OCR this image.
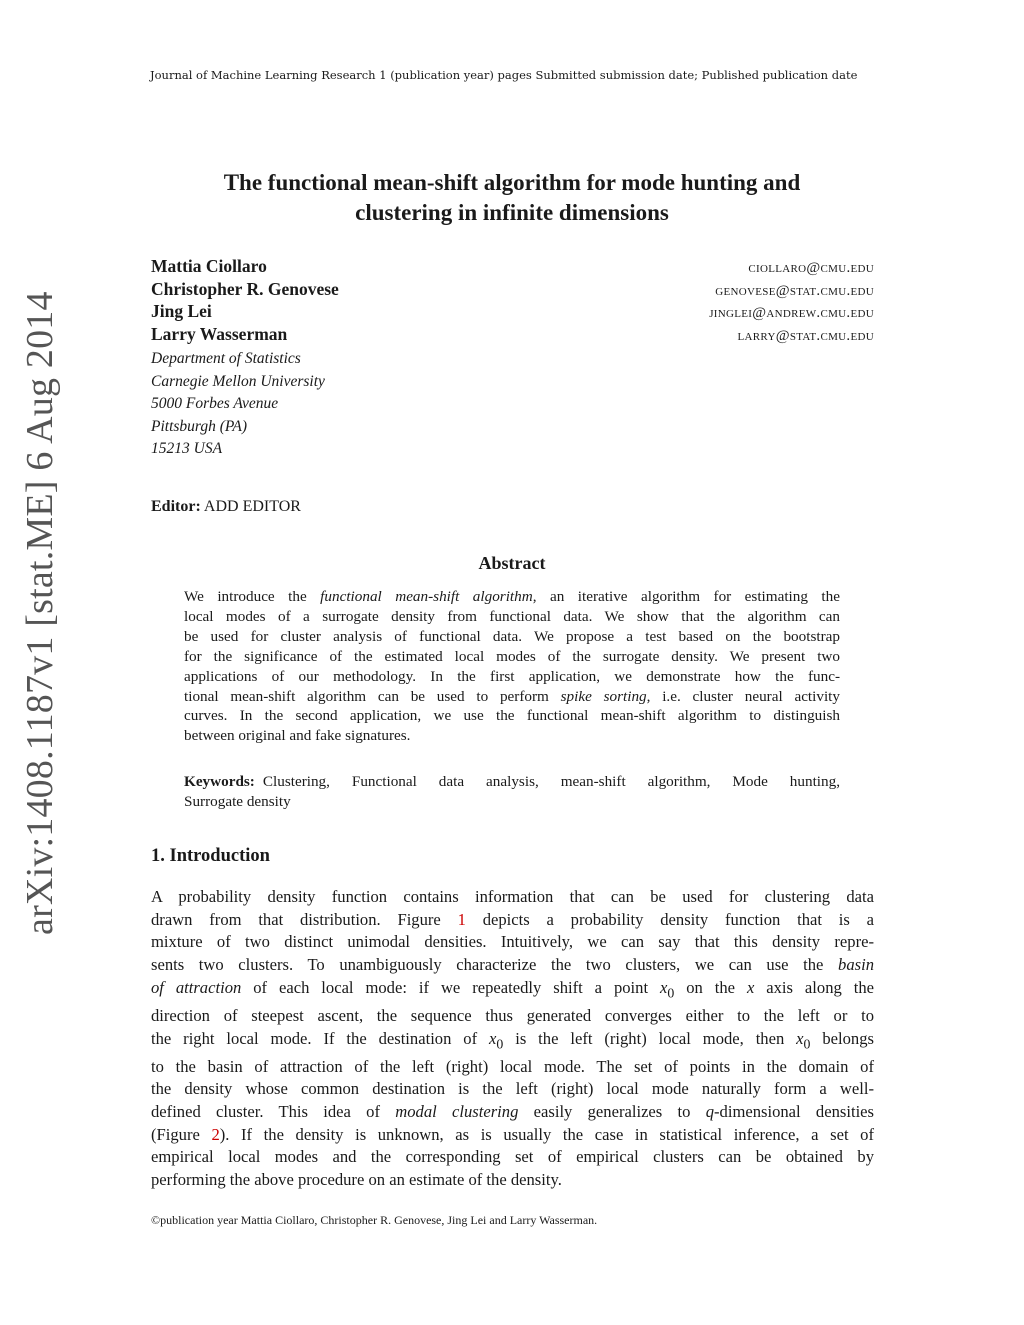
Journal of Machine Learning Research 1 (publication year) pages Submitted submission date; Published publication date
arXiv:1408.1187v1 [stat.ME] 6 Aug 2014
The functional mean-shift algorithm for mode hunting and
clustering in infinite dimensions
Mattia Ciollaro	ciollaro@cmu.edu
Christopher R. Genovese	genovese@stat.cmu.edu
Jing Lei	jinglei@andrew.cmu.edu
Larry Wasserman	larry@stat.cmu.edu
Department of Statistics
Carnegie Mellon University
5000 Forbes Avenue
Pittsburgh (PA)
15213 USA
Editor: ADD EDITOR
Abstract
We introduce the functional mean-shift algorithm, an iterative algorithm for estimating the
local modes of a surrogate density from functional data. We show that the algorithm can
be used for cluster analysis of functional data. We propose a test based on the bootstrap
for the significance of the estimated local modes of the surrogate density. We present two
applications of our methodology. In the first application, we demonstrate how the func-
tional mean-shift algorithm can be used to perform spike sorting, i.e. cluster neural activity
curves. In the second application, we use the functional mean-shift algorithm to distinguish
between original and fake signatures.
Keywords: Clustering, Functional data analysis, mean-shift algorithm, Mode hunting,
Surrogate density
1. Introduction
A probability density function contains information that can be used for clustering data
drawn from that distribution. Figure 1 depicts a probability density function that is a
mixture of two distinct unimodal densities. Intuitively, we can say that this density repre-
sents two clusters. To unambiguously characterize the two clusters, we can use the basin
of attraction of each local mode: if we repeatedly shift a point $x_0$ on the x axis along the
direction of steepest ascent, the sequence thus generated converges either to the left or to
the right local mode. If the destination of $x_0$ is the left (right) local mode, then $x_0$ belongs
to the basin of attraction of the left (right) local mode. The set of points in the domain of
the density whose common destination is the left (right) local mode naturally form a well-
defined cluster. This idea of modal clustering easily generalizes to q-dimensional densities
(Figure 2). If the density is unknown, as is usually the case in statistical inference, a set of
empirical local modes and the corresponding set of empirical clusters can be obtained by
performing the above procedure on an estimate of the density.
©publication year Mattia Ciollaro, Christopher R. Genovese, Jing Lei and Larry Wasserman.
